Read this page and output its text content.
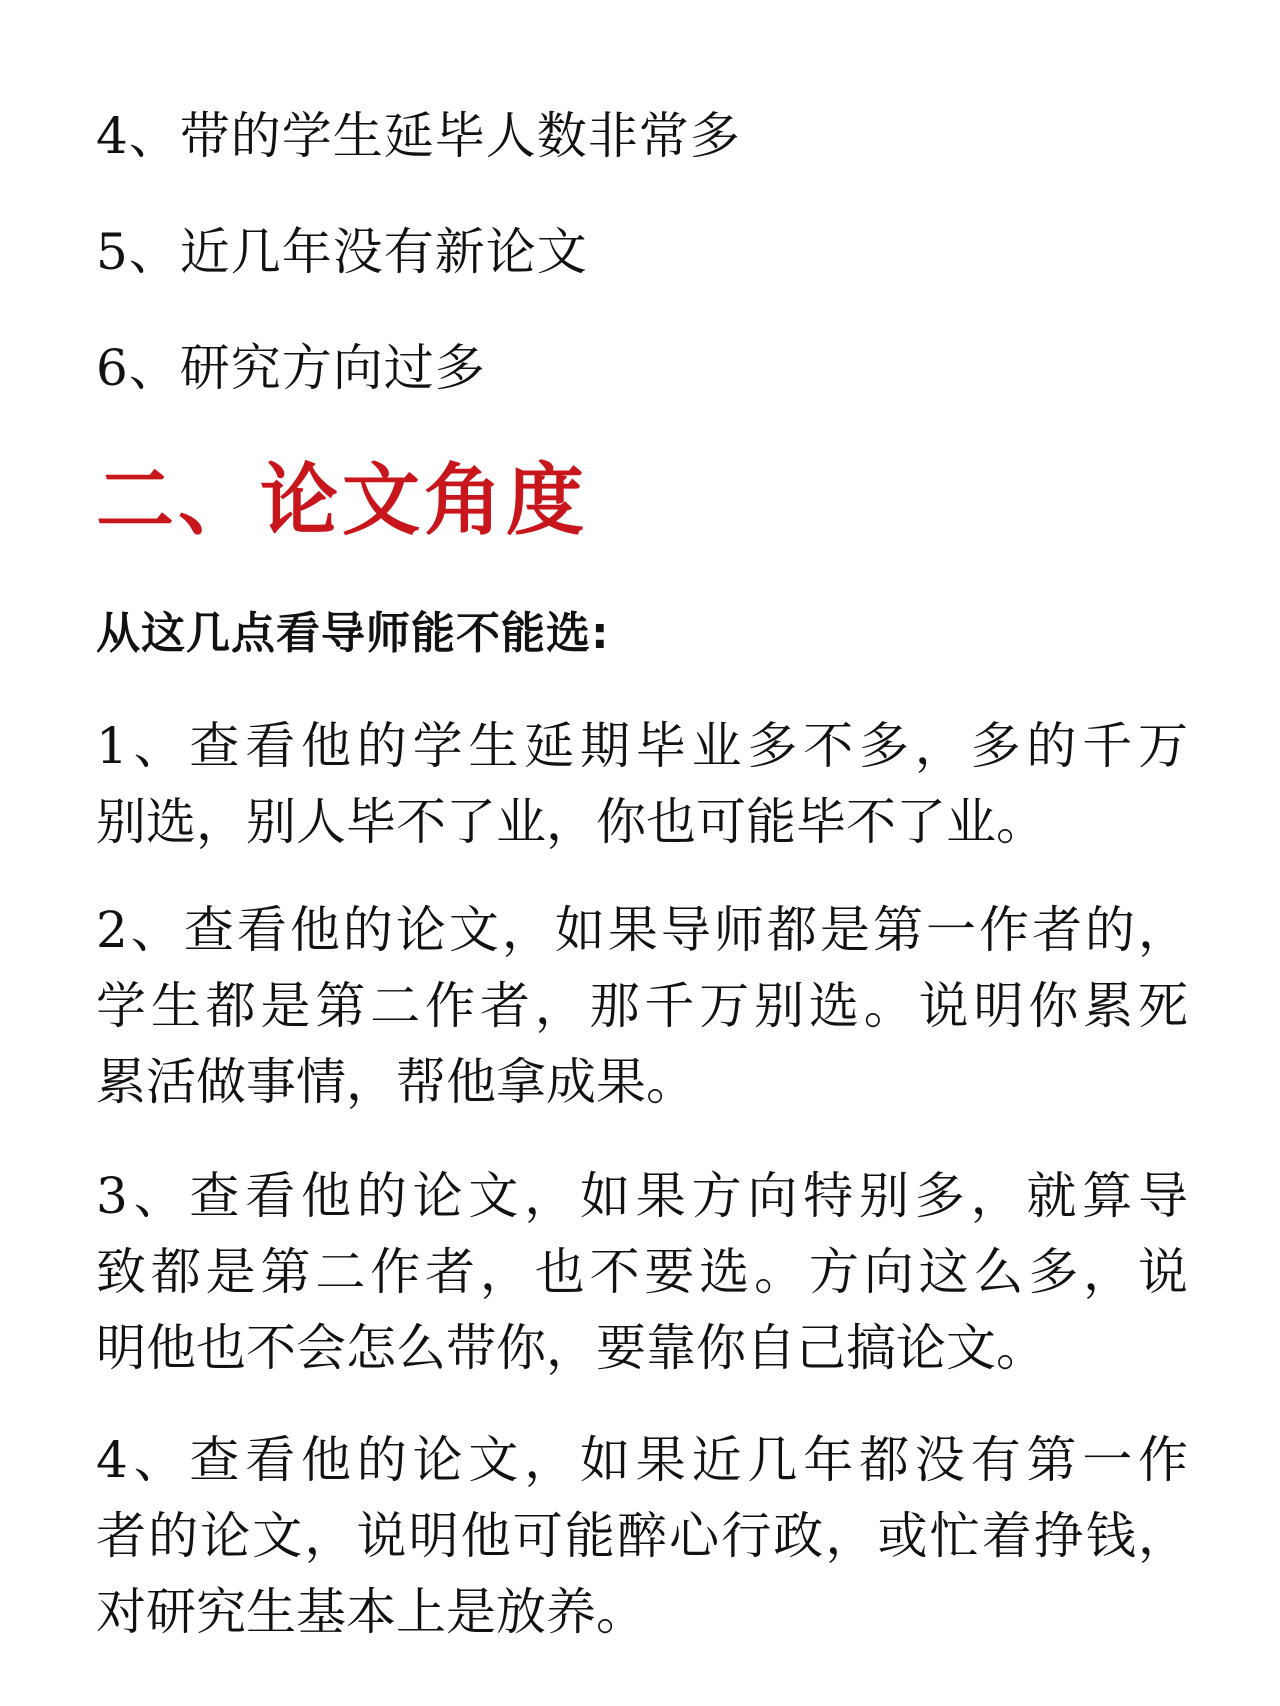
4、带的学生延毕人数非常多

5、近几年没有新论文

6、研究方向过多

二、论文角度

从这几点看导师能不能选:

1、查看他的学生延期毕业多不多，多的千万
别选，别人毕不了业，你也可能毕不了业。
2、查看他的论文，如果导师都是第一作者的，
学生都是第二作者，那千万别选。说明你累死
累活做事情，帮他拿成果。
3、查看他的论文，如果方向特别多，就算导
致都是第二作者，也不要选。方向这么多，说
明他也不会怎么带你，要靠你自己搞论文。
4、查看他的论文，如果近几年都没有第一作
者的论文，说明他可能醉心行政，或忙着挣钱，
对研究生基本上是放养。
